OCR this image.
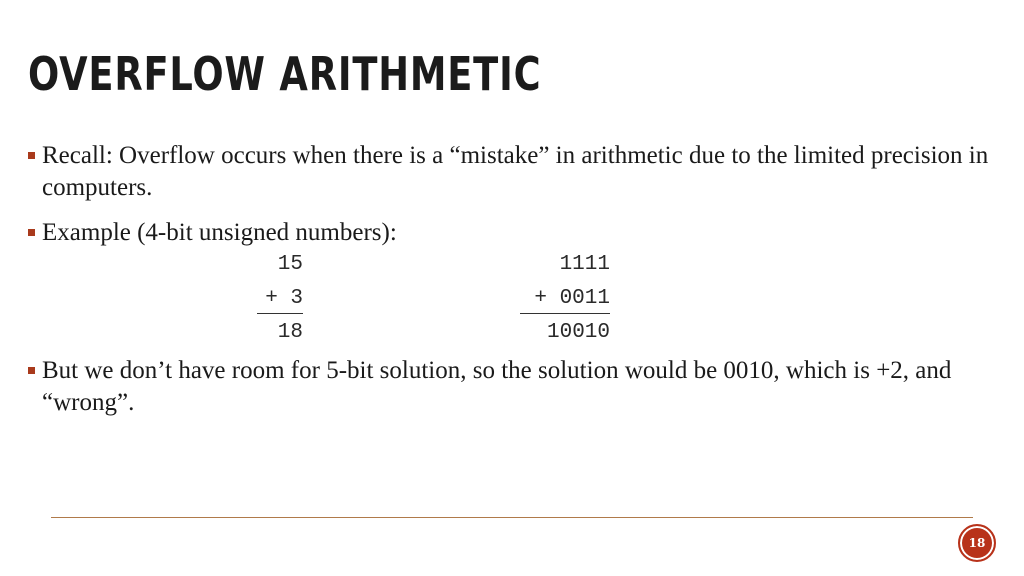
OVERFLOW ARITHMETIC
Recall: Overflow occurs when there is a “mistake” in arithmetic due to the limited precision in computers.
Example (4-bit unsigned numbers):
15
+ 3
18
1111
+ 0011
10010
But we don’t have room for 5-bit solution, so the solution would be 0010, which is +2, and “wrong”.
18
